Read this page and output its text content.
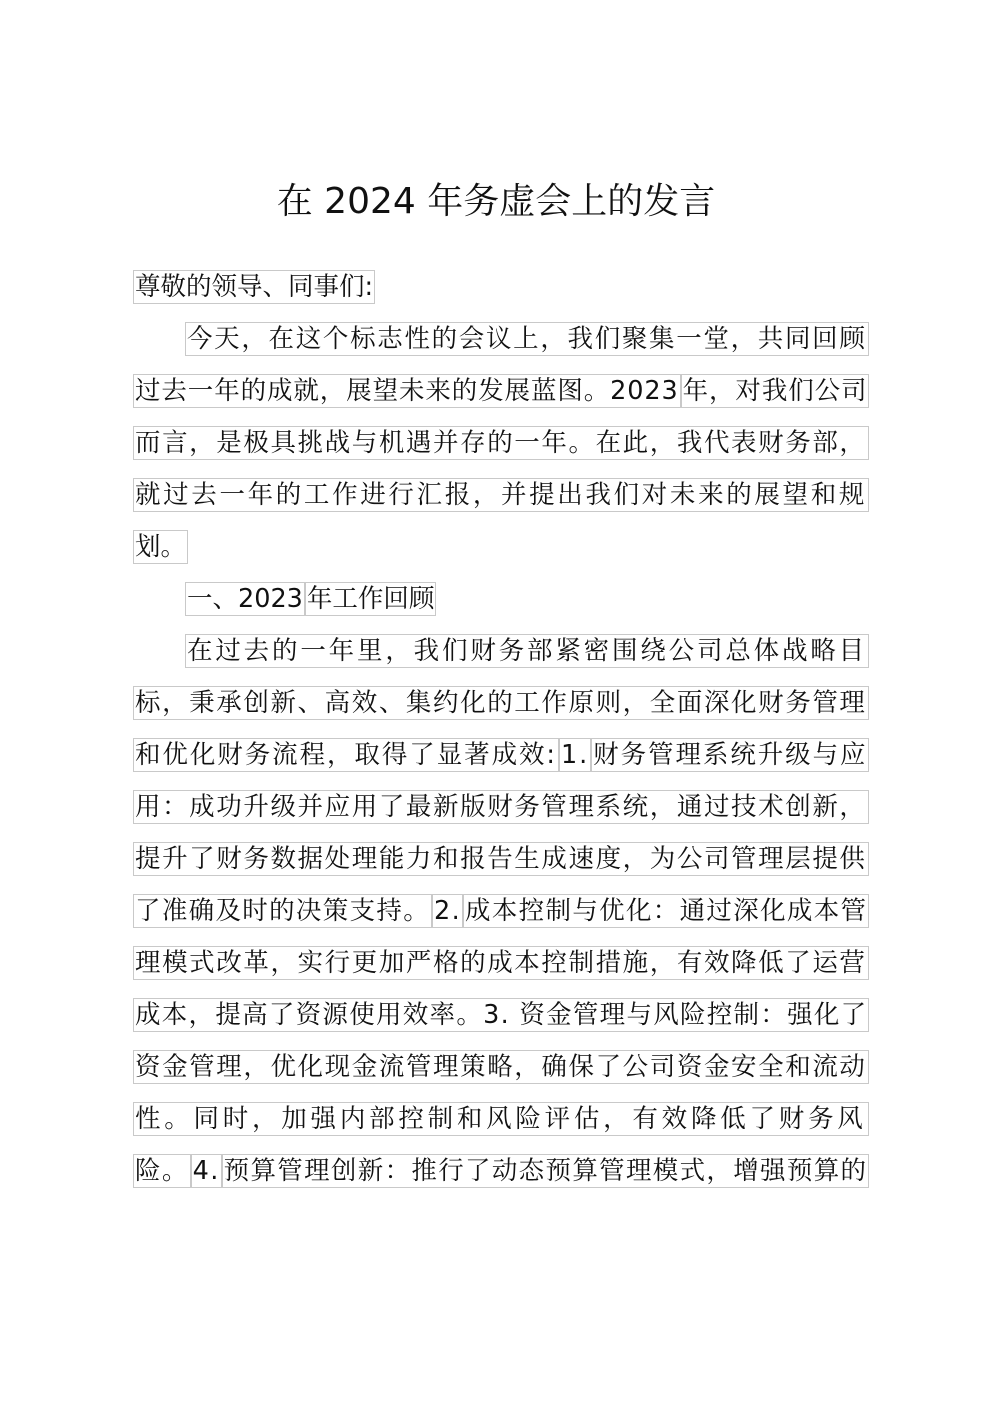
在 2024 年务虚会上的发言
尊敬的领导、同事们:
今天，在这个标志性的会议上，我们聚集一堂，共同回顾
过去一年的成就，展望未来的发展蓝图。2023 年，对我们公司
而言，是极具挑战与机遇并存的一年。在此，我代表财务部，
就过去一年的工作进行汇报，并提出我们对未来的展望和规
划。
一、2023 年工作回顾
在过去的一年里，我们财务部紧密围绕公司总体战略目
标，秉承创新、高效、集约化的工作原则，全面深化财务管理
和优化财务流程，取得了显著成效: 1. 财务管理系统升级与应
用：成功升级并应用了最新版财务管理系统，通过技术创新，
提升了财务数据处理能力和报告生成速度，为公司管理层提供
了准确及时的决策支持。 2. 成本控制与优化：通过深化成本管
理模式改革，实行更加严格的成本控制措施，有效降低了运营
成本，提高了资源使用效率。3. 资金管理与风险控制：强化了
资金管理，优化现金流管理策略，确保了公司资金安全和流动
性。同时，加强内部控制和风险评估，有效降低了财务风
险。 4. 预算管理创新：推行了动态预算管理模式，增强预算的
